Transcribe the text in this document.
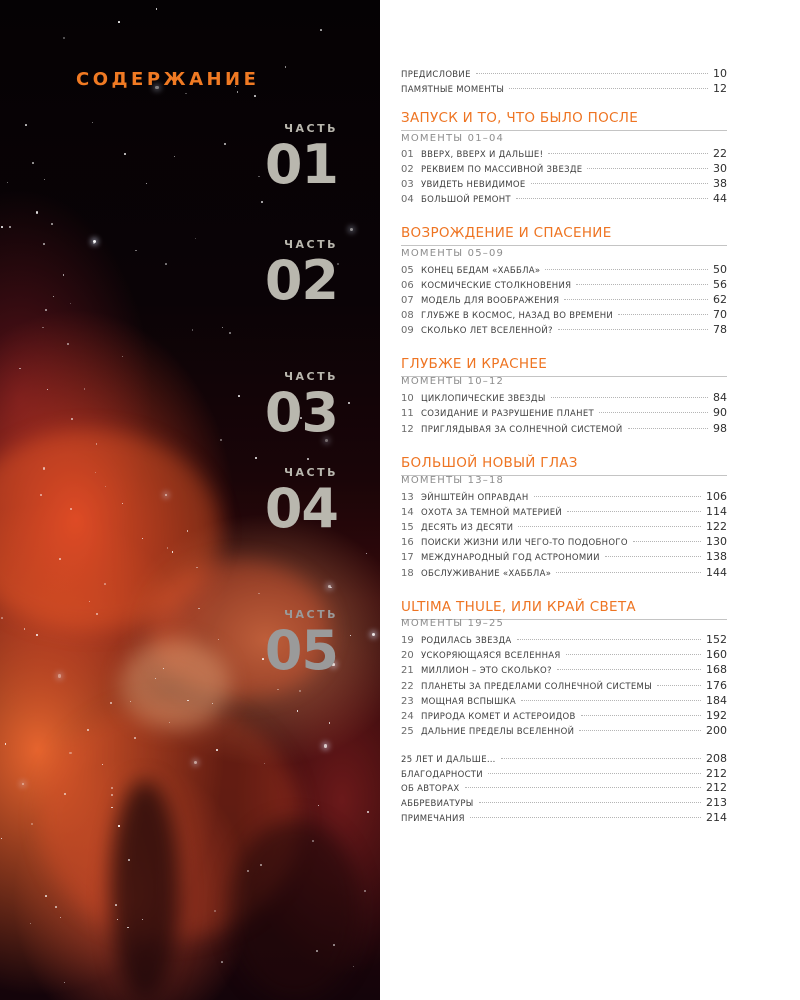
содержание
часть
01
часть
02
часть
03
часть
04
часть
05
ПРЕДИСЛОВИЕ	10
ПАМЯТНЫЕ МОМЕНТЫ	12
ЗАПУСК И ТО, ЧТО БЫЛО ПОСЛЕ
МОМЕНТЫ 01–04
01 ВВЕРХ, ВВЕРХ И ДАЛЬШЕ!	22
02 РЕКВИЕМ ПО МАССИВНОЙ ЗВЕЗДЕ	30
03 УВИДЕТЬ НЕВИДИМОЕ	38
04 БОЛЬШОЙ РЕМОНТ	44
ВОЗРОЖДЕНИЕ И СПАСЕНИЕ
МОМЕНТЫ 05–09
05 КОНЕЦ БЕДАМ «ХАББЛА»	50
06 КОСМИЧЕСКИЕ СТОЛКНОВЕНИЯ	56
07 МОДЕЛЬ ДЛЯ ВООБРАЖЕНИЯ	62
08 ГЛУБЖЕ В КОСМОС, НАЗАД ВО ВРЕМЕНИ	70
09 СКОЛЬКО ЛЕТ ВСЕЛЕННОЙ?	78
ГЛУБЖЕ И КРАСНЕЕ
МОМЕНТЫ 10–12
10 ЦИКЛОПИЧЕСКИЕ ЗВЕЗДЫ	84
11 СОЗИДАНИЕ И РАЗРУШЕНИЕ ПЛАНЕТ	90
12 ПРИГЛЯДЫВАЯ ЗА СОЛНЕЧНОЙ СИСТЕМОЙ	98
БОЛЬШОЙ НОВЫЙ ГЛАЗ
МОМЕНТЫ 13–18
13 ЭЙНШТЕЙН ОПРАВДАН	106
14 ОХОТА ЗА ТЕМНОЙ МАТЕРИЕЙ	114
15 ДЕСЯТЬ ИЗ ДЕСЯТИ	122
16 ПОИСКИ ЖИЗНИ ИЛИ ЧЕГО-ТО ПОДОБНОГО	130
17 МЕЖДУНАРОДНЫЙ ГОД АСТРОНОМИИ	138
18 ОБСЛУЖИВАНИЕ «ХАББЛА»	144
ULTIMA THULE, ИЛИ КРАЙ СВЕТА
МОМЕНТЫ 19–25
19 РОДИЛАСЬ ЗВЕЗДА	152
20 УСКОРЯЮЩАЯСЯ ВСЕЛЕННАЯ	160
21 МИЛЛИОН – ЭТО СКОЛЬКО?	168
22 ПЛАНЕТЫ ЗА ПРЕДЕЛАМИ СОЛНЕЧНОЙ СИСТЕМЫ	176
23 МОЩНАЯ ВСПЫШКА	184
24 ПРИРОДА КОМЕТ И АСТЕРОИДОВ	192
25 ДАЛЬНИЕ ПРЕДЕЛЫ ВСЕЛЕННОЙ	200
25 ЛЕТ И ДАЛЬШЕ…	208
БЛАГОДАРНОСТИ	212
ОБ АВТОРАХ	212
АББРЕВИАТУРЫ	213
ПРИМЕЧАНИЯ	214
